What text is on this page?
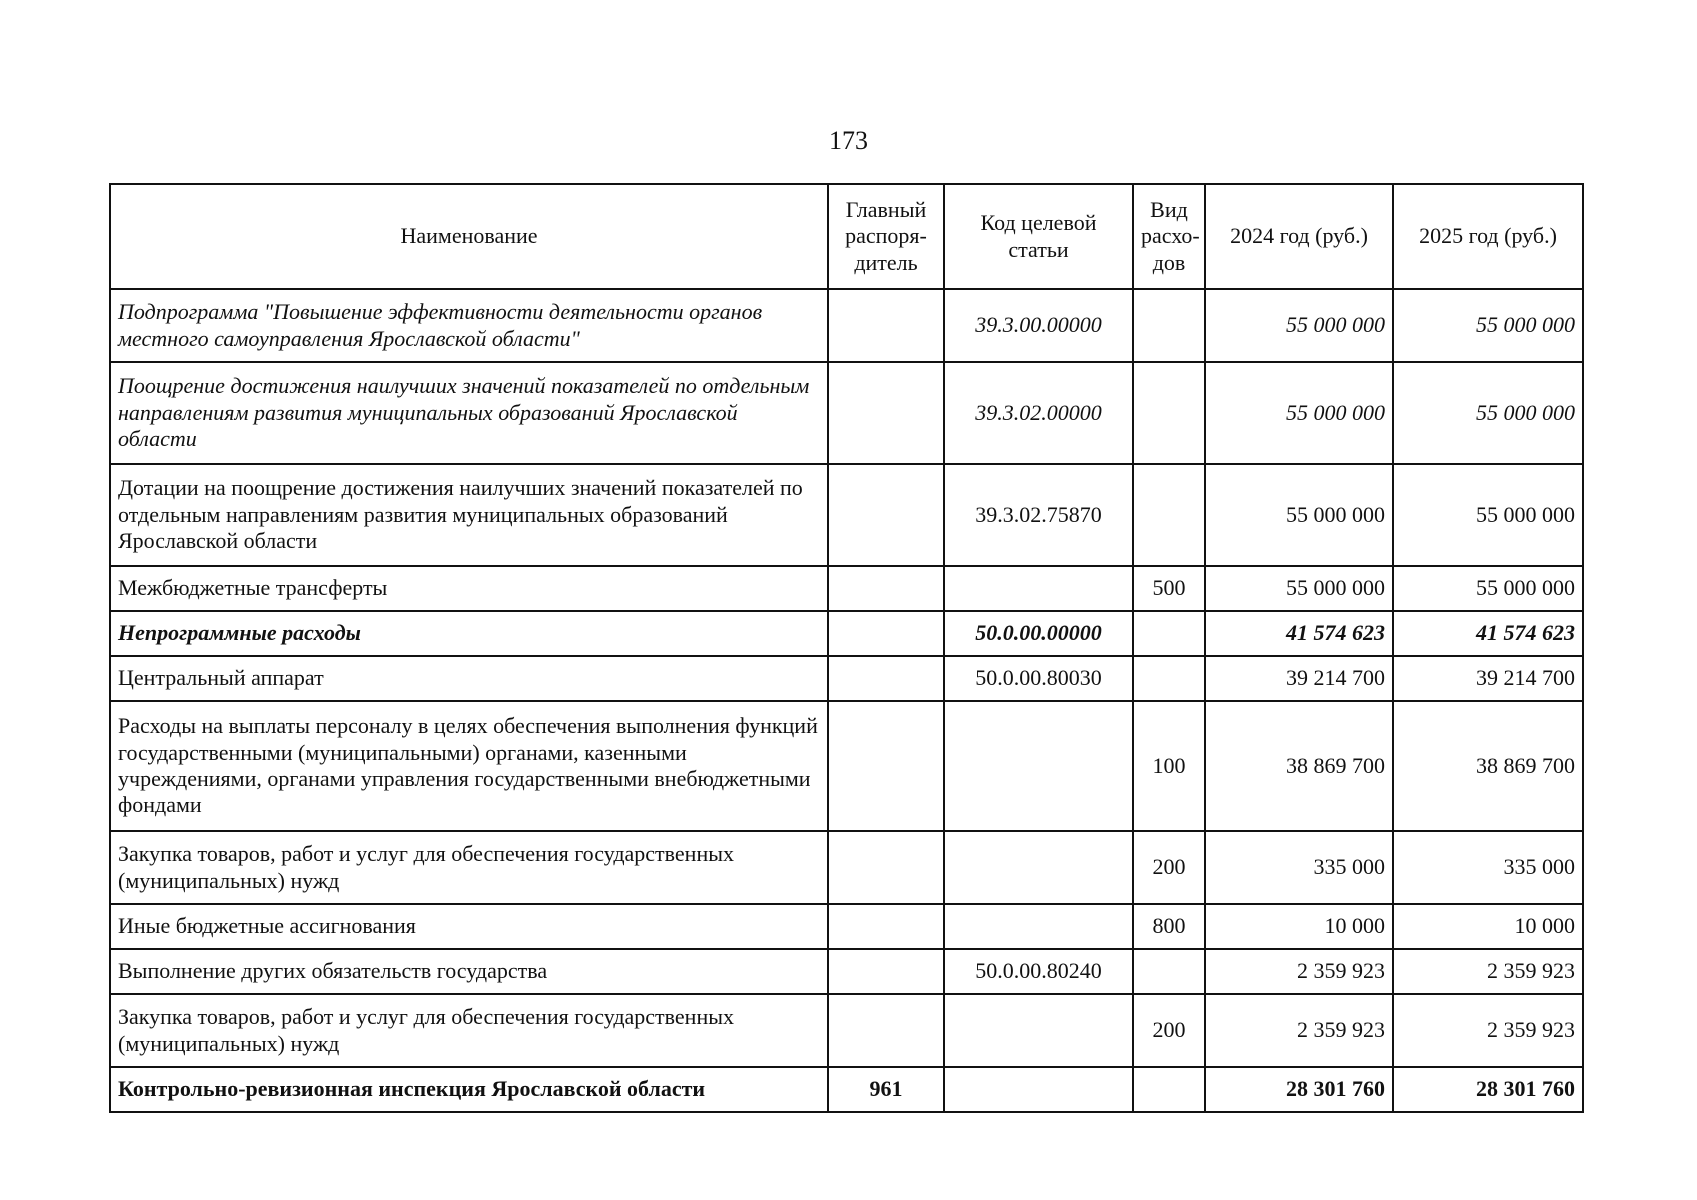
173
Наименование	Главный распоря-дитель	Код целевой статьи	Вид расхо-дов	2024 год (руб.)	2025 год (руб.)
Подпрограмма "Повышение эффективности деятельности органов местного самоуправления Ярославской области"		39.3.00.00000		55 000 000	55 000 000
Поощрение достижения наилучших значений показателей по отдельным направлениям развития муниципальных образований Ярославской области		39.3.02.00000		55 000 000	55 000 000
Дотации на поощрение достижения наилучших значений показателей по отдельным направлениям развития муниципальных образований Ярославской области		39.3.02.75870		55 000 000	55 000 000
Межбюджетные трансферты			500	55 000 000	55 000 000
Непрограммные расходы		50.0.00.00000		41 574 623	41 574 623
Центральный аппарат		50.0.00.80030		39 214 700	39 214 700
Расходы на выплаты персоналу в целях обеспечения выполнения функций государственными (муниципальными) органами, казенными учреждениями, органами управления государственными внебюджетными фондами			100	38 869 700	38 869 700
Закупка товаров, работ и услуг для обеспечения государственных (муниципальных) нужд			200	335 000	335 000
Иные бюджетные ассигнования			800	10 000	10 000
Выполнение других обязательств государства		50.0.00.80240		2 359 923	2 359 923
Закупка товаров, работ и услуг для обеспечения государственных (муниципальных) нужд			200	2 359 923	2 359 923
Контрольно-ревизионная инспекция Ярославской области	961			28 301 760	28 301 760
